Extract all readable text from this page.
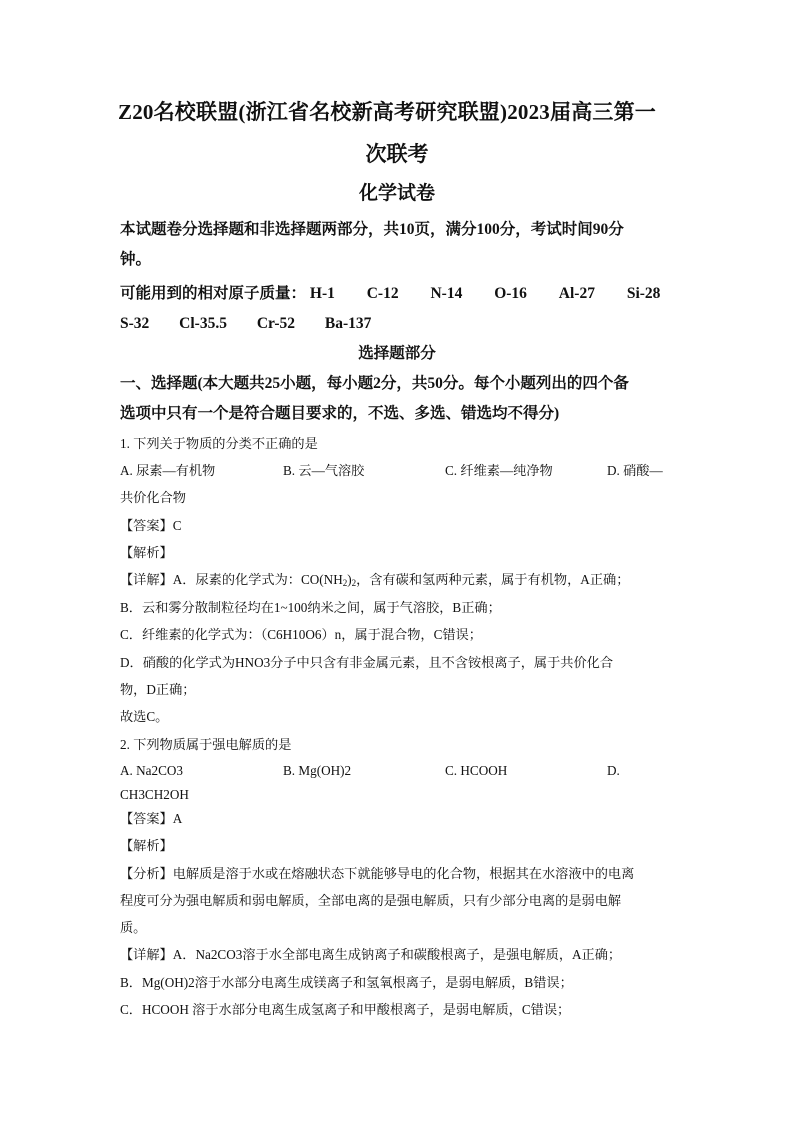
Z20名校联盟(浙江省名校新高考研究联盟)2023届高三第一
次联考
化学试卷
本试题卷分选择题和非选择题两部分，共10页，满分100分，考试时间90分
钟。
可能用到的相对原子质量： H-1 C-12 N-14 O-16 Al-27 Si-28
S-32 Cl-35.5 Cr-52 Ba-137
选择题部分
一、选择题(本大题共25小题，每小题2分，共50分。每个小题列出的四个备
选项中只有一个是符合题目要求的，不选、多选、错选均不得分)
1. 下列关于物质的分类不正确的是
A. 尿素—有机物	B. 云—气溶胶	C. 纤维素—纯净物	D. 硝酸—
共价化合物
【答案】C
【解析】
【详解】A．尿素的化学式为：$CO(NH_2)_2$，含有碳和氢两种元素，属于有机物，A正确；
B．云和雾分散制粒径均在1~100纳米之间，属于气溶胶，B正确；
C．纤维素的化学式为：（C6H10O6）n，属于混合物，C错误；
D．硝酸的化学式为HNO3分子中只含有非金属元素，且不含铵根离子，属于共价化合
物，D正确；
故选C。
2. 下列物质属于强电解质的是
A. Na2CO3	B. Mg(OH)2	C. HCOOH	D.
CH3CH2OH
【答案】A
【解析】
【分析】电解质是溶于水或在熔融状态下就能够导电的化合物，根据其在水溶液中的电离
程度可分为强电解质和弱电解质，全部电离的是强电解质，只有少部分电离的是弱电解
质。
【详解】A．Na2CO3溶于水全部电离生成钠离子和碳酸根离子，是强电解质，A正确；
B．Mg(OH)2溶于水部分电离生成镁离子和氢氧根离子，是弱电解质，B错误；
C．HCOOH 溶于水部分电离生成氢离子和甲酸根离子，是弱电解质，C错误；
